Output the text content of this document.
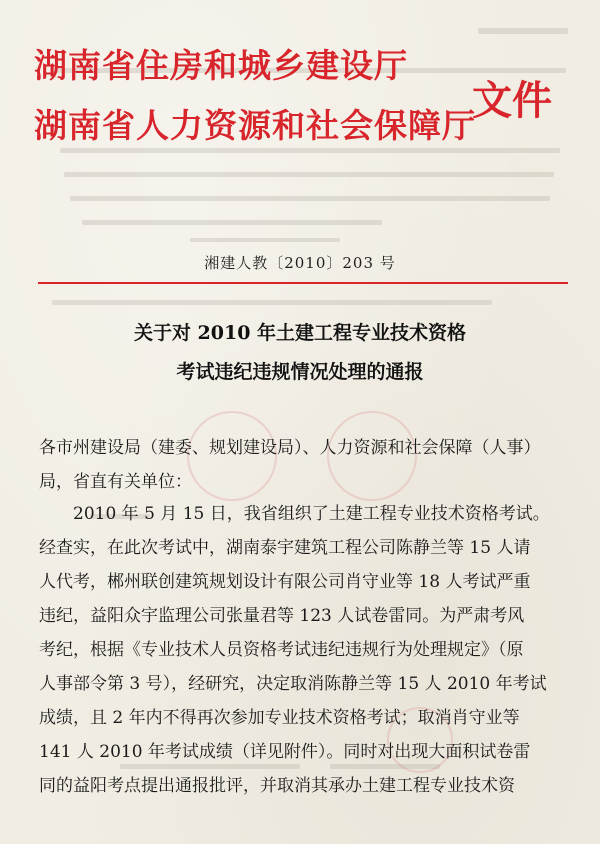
湖南省住房和城乡建设厅
湖南省人力资源和社会保障厅
文件
湘建人教〔2010〕203 号
关于对 2010 年土建工程专业技术资格
考试违纪违规情况处理的通报
各市州建设局（建委、规划建设局）、人力资源和社会保障（人事）
局，省直有关单位：
2010 年 5 月 15 日，我省组织了土建工程专业技术资格考试。
经查实，在此次考试中，湖南泰宇建筑工程公司陈静兰等 15 人请
人代考，郴州联创建筑规划设计有限公司肖守业等 18 人考试严重
违纪，益阳众宇监理公司张量君等 123 人试卷雷同。为严肃考风
考纪，根据《专业技术人员资格考试违纪违规行为处理规定》（原
人事部令第 3 号），经研究，决定取消陈静兰等 15 人 2010 年考试
成绩，且 2 年内不得再次参加专业技术资格考试；取消肖守业等
141 人 2010 年考试成绩（详见附件）。同时对出现大面积试卷雷
同的益阳考点提出通报批评，并取消其承办土建工程专业技术资
